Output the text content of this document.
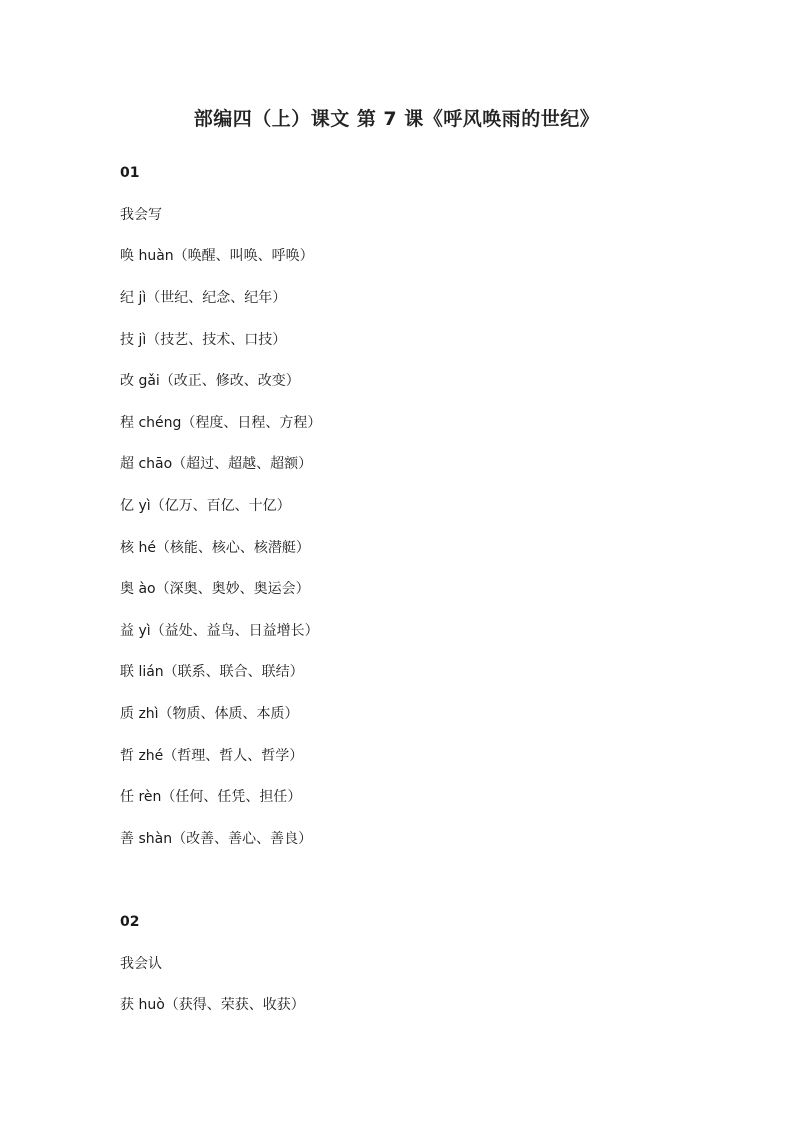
部编四（上）课文 第 7 课《呼风唤雨的世纪》
01
我会写
唤 huàn（唤醒、叫唤、呼唤）
纪 jì（世纪、纪念、纪年）
技 jì（技艺、技术、口技）
改 gǎi（改正、修改、改变）
程 chéng（程度、日程、方程）
超 chāo（超过、超越、超额）
亿 yì（亿万、百亿、十亿）
核 hé（核能、核心、核潜艇）
奥 ào（深奥、奥妙、奥运会）
益 yì（益处、益鸟、日益增长）
联 lián（联系、联合、联结）
质 zhì（物质、体质、本质）
哲 zhé（哲理、哲人、哲学）
任 rèn（任何、任凭、担任）
善 shàn（改善、善心、善良）
02
我会认
获 huò（获得、荣获、收获）
